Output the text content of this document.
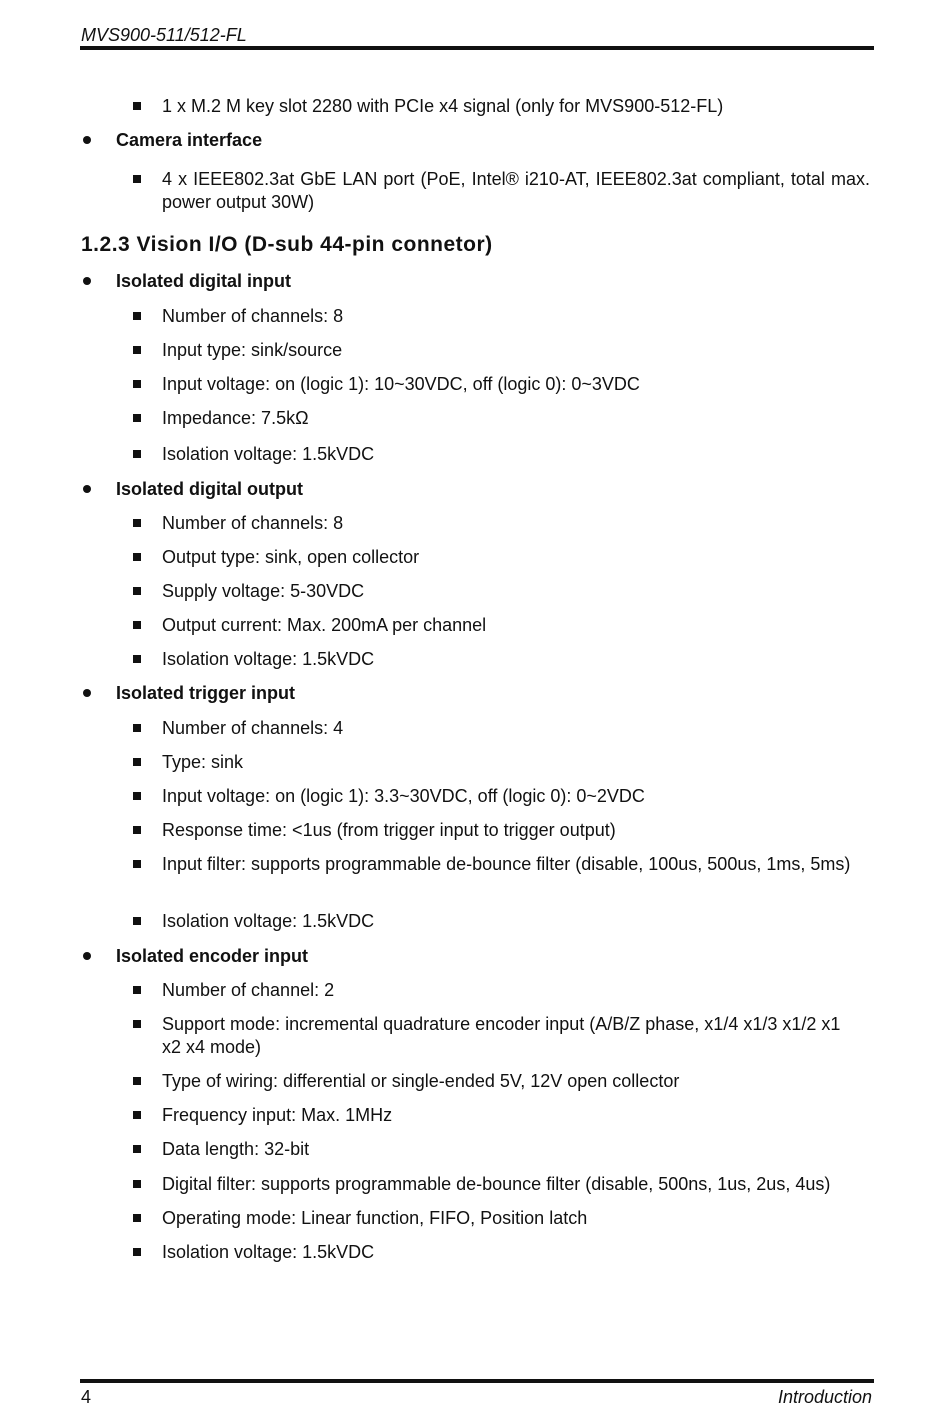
MVS900-511/512-FL
1 x M.2 M key slot 2280 with PCIe x4 signal (only for MVS900-512-FL)
Camera interface
4 x IEEE802.3at GbE LAN port (PoE, Intel® i210-AT, IEEE802.3at compliant, total max. power output 30W)
1.2.3 Vision I/O (D-sub 44-pin connetor)
Isolated digital input
Number of channels: 8
Input type: sink/source
Input voltage: on (logic 1): 10~30VDC, off (logic 0): 0~3VDC
Impedance: 7.5kΩ
Isolation voltage: 1.5kVDC
Isolated digital output
Number of channels: 8
Output type: sink, open collector
Supply voltage: 5-30VDC
Output current: Max. 200mA per channel
Isolation voltage: 1.5kVDC
Isolated trigger input
Number of channels: 4
Type: sink
Input voltage: on (logic 1): 3.3~30VDC, off (logic 0): 0~2VDC
Response time: <1us (from trigger input to trigger output)
Input filter: supports programmable de-bounce filter (disable, 100us, 500us, 1ms, 5ms)
Isolation voltage: 1.5kVDC
Isolated encoder input
Number of channel: 2
Support mode: incremental quadrature encoder input (A/B/Z phase, x1/4 x1/3 x1/2 x1 x2 x4 mode)
Type of wiring: differential or single-ended 5V, 12V open collector
Frequency input: Max. 1MHz
Data length: 32-bit
Digital filter: supports programmable de-bounce filter (disable, 500ns, 1us, 2us, 4us)
Operating mode: Linear function, FIFO, Position latch
Isolation voltage: 1.5kVDC
4	Introduction
